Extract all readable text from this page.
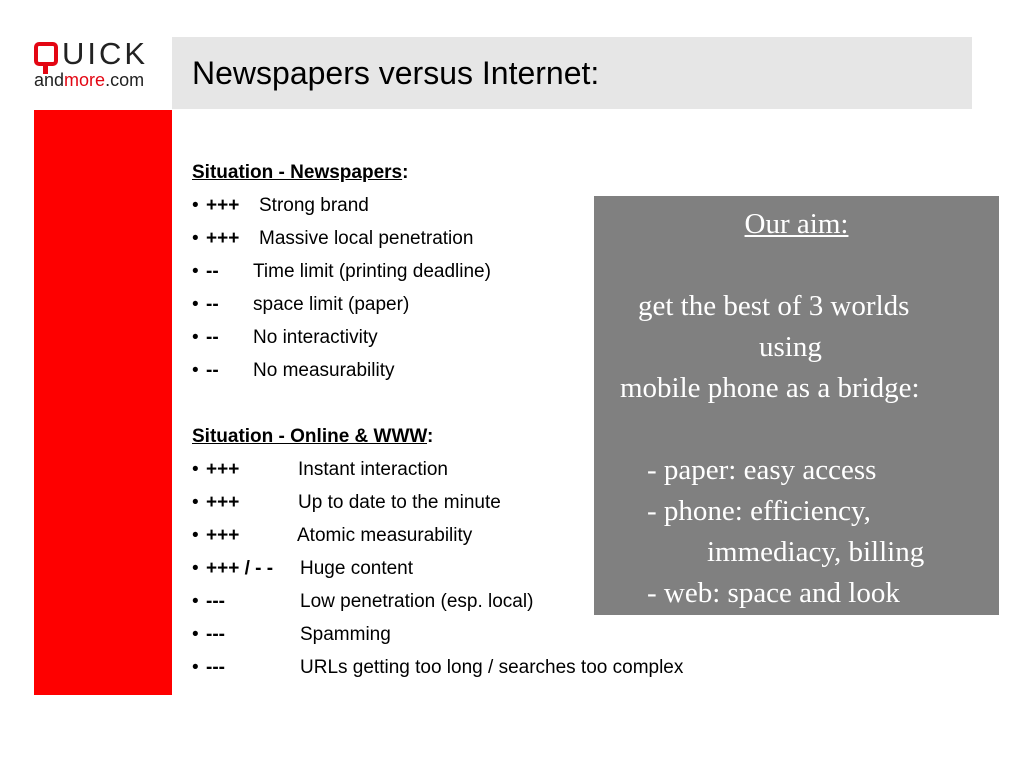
UICK
andmore.com Newspapers versus Internet:
Situation - Newspapers:
• +++ Strong brand
• +++ Massive local penetration
• -- Time limit (printing deadline)
• -- space limit (paper)
• -- No interactivity
• -- No measurability
Situation - Online & WWW:
• +++	Instant interaction
• +++	Up to date to the minute
• +++	Atomic measurability
• +++ / - - Huge content
• ---	Low penetration (esp. local)
• ---	Spamming
• ---	URLs getting too long / searches too complex
Our aim:
get the best of 3 worlds
using
mobile phone as a bridge:
- paper: easy access
- phone: efficiency,
immediacy, billing
- web: space and look
